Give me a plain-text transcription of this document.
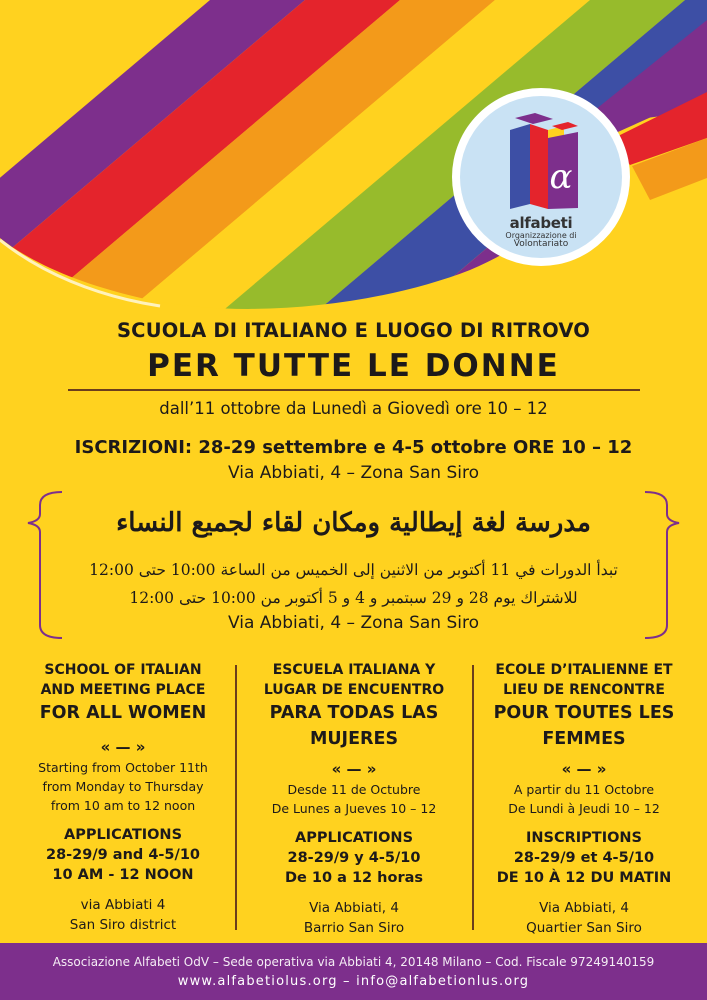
α
alfabeti
Organizzazione di
Volontariato
SCUOLA DI ITALIANO E LUOGO DI RITROVO
PER TUTTE LE DONNE
dall’11 ottobre da Lunedì a Giovedì ore 10 – 12
ISCRIZIONI: 28-29 settembre e 4-5 ottobre ORE 10 – 12
Via Abbiati, 4 – Zona San Siro
مدرسة لغة إيطالية ومكان لقاء لجميع النساء
تبدأ الدورات في 11 أكتوبر من الاثنين إلى الخميس من الساعة 10:00 حتى 12:00
للاشتراك يوم 28 و 29 سبتمبر و 4 و 5 أكتوبر من 10:00 حتى 12:00
Via Abbiati, 4 – Zona San Siro
SCHOOL OF ITALIAN
AND MEETING PLACE
FOR ALL WOMEN
« — »
Starting from October 11th
from Monday to Thursday
from 10 am to 12 noon
APPLICATIONS
28-29/9 and 4-5/10
10 AM - 12 NOON
via Abbiati 4
San Siro district
ESCUELA ITALIANA Y
LUGAR DE ENCUENTRO
PARA TODAS LAS
MUJERES
« — »
Desde 11 de Octubre
De Lunes a Jueves 10 – 12
APPLICATIONS
28-29/9 y 4-5/10
De 10 a 12 horas
Via Abbiati, 4
Barrio San Siro
ECOLE D’ITALIENNE ET
LIEU DE RENCONTRE
POUR TOUTES LES
FEMMES
« — »
A partir du 11 Octobre
De Lundi à Jeudi 10 – 12
INSCRIPTIONS
28-29/9 et 4-5/10
DE 10 À 12 DU MATIN
Via Abbiati, 4
Quartier San Siro
Associazione Alfabeti OdV – Sede operativa via Abbiati 4, 20148 Milano – Cod. Fiscale 97249140159
www.alfabetiolus.org – info@alfabetionlus.org
